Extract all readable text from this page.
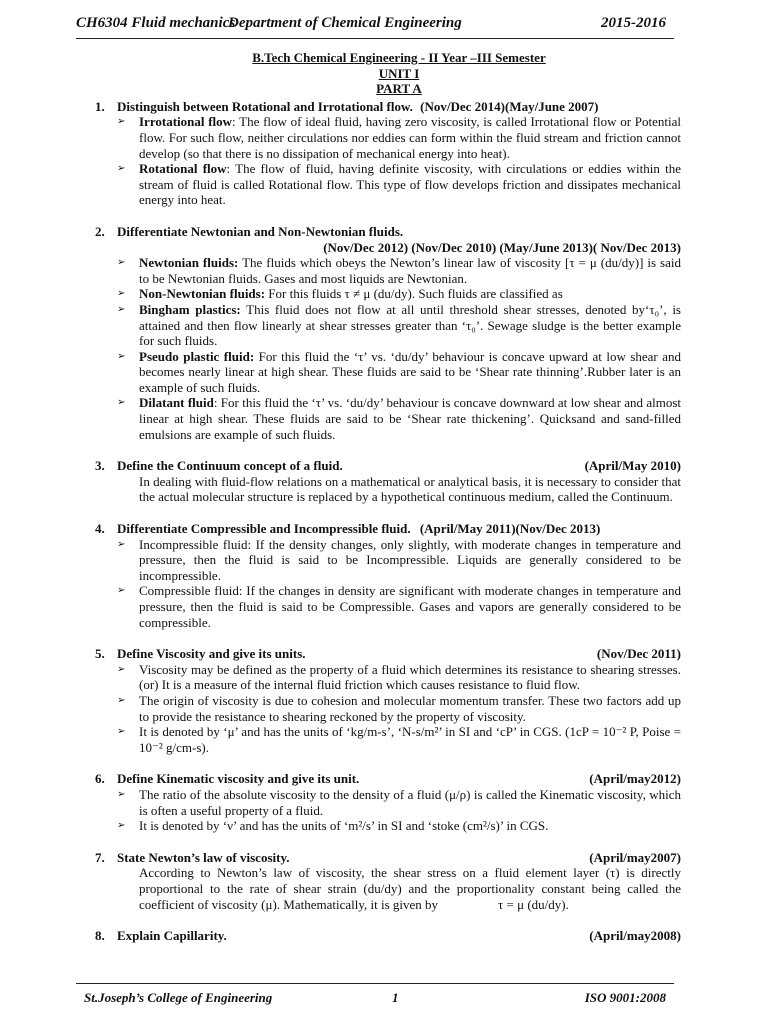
CH6304 Fluid mechanics
Department of Chemical Engineering	2015-2016
B.Tech Chemical Engineering - II Year –III Semester
UNIT I
PART A
1. Distinguish between Rotational and Irrotational flow. (Nov/Dec 2014)(May/June 2007)
➢ Irrotational flow: The flow of ideal fluid, having zero viscosity, is called Irrotational flow or Potential flow. For such flow, neither circulations nor eddies can form within the fluid stream and friction cannot develop (so that there is no dissipation of mechanical energy into heat).
➢ Rotational flow: The flow of fluid, having definite viscosity, with circulations or eddies within the stream of fluid is called Rotational flow. This type of flow develops friction and dissipates mechanical energy into heat.
2. Differentiate Newtonian and Non-Newtonian fluids.
(Nov/Dec 2012) (Nov/Dec 2010) (May/June 2013)( Nov/Dec 2013)
➢ Newtonian fluids: The fluids which obeys the Newton’s linear law of viscosity [τ = μ (du/dy)] is said to be Newtonian fluids. Gases and most liquids are Newtonian.
➢ Non-Newtonian fluids: For this fluids τ ≠ μ (du/dy). Such fluids are classified as
➢ Bingham plastics: This fluid does not flow at all until threshold shear stresses, denoted by‘τ₀’, is attained and then flow linearly at shear stresses greater than ‘τ₀’. Sewage sludge is the better example for such fluids.
➢ Pseudo plastic fluid: For this fluid the ‘τ’ vs. ‘du/dy’ behaviour is concave upward at low shear and becomes nearly linear at high shear. These fluids are said to be ‘Shear rate thinning’.Rubber later is an example of such fluids.
➢ Dilatant fluid: For this fluid the ‘τ’ vs. ‘du/dy’ behaviour is concave downward at low shear and almost linear at high shear. These fluids are said to be ‘Shear rate thickening’. Quicksand and sand-filled emulsions are example of such fluids.
3. Define the Continuum concept of a fluid.	(April/May 2010)
In dealing with fluid-flow relations on a mathematical or analytical basis, it is necessary to consider that the actual molecular structure is replaced by a hypothetical continuous medium, called the Continuum.
4. Differentiate Compressible and Incompressible fluid. (April/May 2011)(Nov/Dec 2013)
➢ Incompressible fluid: If the density changes, only slightly, with moderate changes in temperature and pressure, then the fluid is said to be Incompressible. Liquids are generally considered to be incompressible.
➢ Compressible fluid: If the changes in density are significant with moderate changes in temperature and pressure, then the fluid is said to be Compressible. Gases and vapors are generally considered to be compressible.
5. Define Viscosity and give its units.	(Nov/Dec 2011)
➢ Viscosity may be defined as the property of a fluid which determines its resistance to shearing stresses. (or) It is a measure of the internal fluid friction which causes resistance to fluid flow.
➢ The origin of viscosity is due to cohesion and molecular momentum transfer. These two factors add up to provide the resistance to shearing reckoned by the property of viscosity.
➢ It is denoted by ‘μ’ and has the units of ‘kg/m-s’, ‘N-s/m²’ in SI and ‘cP’ in CGS. (1cP = 10⁻² P, Poise = 10⁻² g/cm-s).
6. Define Kinematic viscosity and give its unit.	(April/may2012)
➢ The ratio of the absolute viscosity to the density of a fluid (μ/ρ) is called the Kinematic viscosity, which is often a useful property of a fluid.
➢ It is denoted by ‘ν’ and has the units of ‘m²/s’ in SI and ‘stoke (cm²/s)’ in CGS.
7. State Newton’s law of viscosity.	(April/may2007)
According to Newton’s law of viscosity, the shear stress on a fluid element layer (τ) is directly proportional to the rate of shear strain (du/dy) and the proportionality constant being called the coefficient of viscosity (μ). Mathematically, it is given by	τ = μ (du/dy).
8. Explain Capillarity.	(April/may2008)
St.Joseph’s College of Engineering	1	ISO 9001:2008
